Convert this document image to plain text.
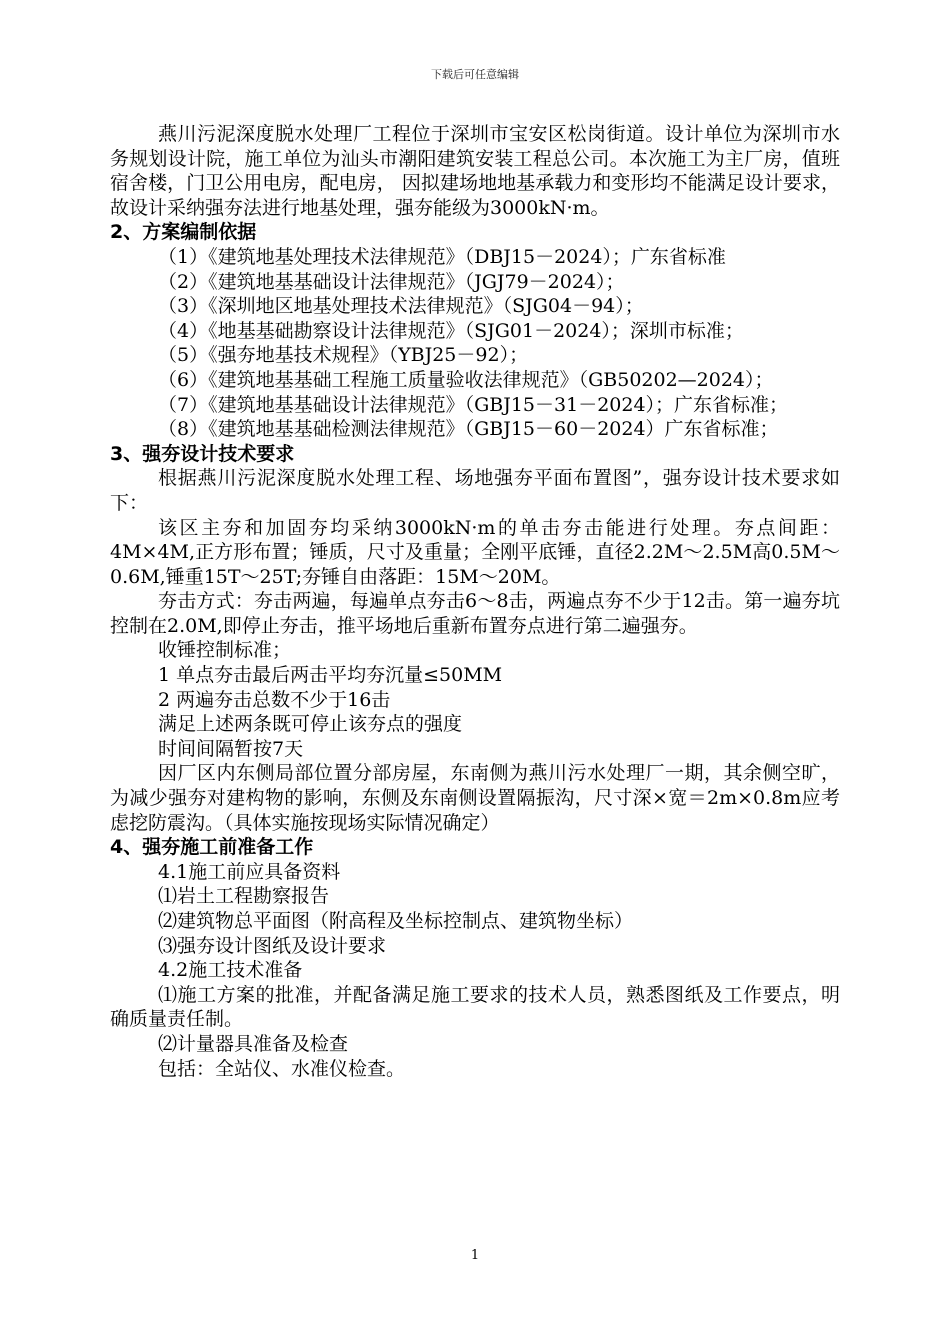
下载后可任意编辑

燕川污泥深度脱水处理厂工程位于深圳市宝安区松岗街道。设计单位为深圳市水务规划设计院，施工单位为汕头市潮阳建筑安装工程总公司。本次施工为主厂房，值班宿舍楼，门卫公用电房，配电房， 因拟建场地地基承载力和变形均不能满足设计要求，故设计采纳强夯法进行地基处理，强夯能级为3000kN·m。

2、方案编制依据

（1）《建筑地基处理技术法律规范》（DBJ15－2024）；广东省标准

（2）《建筑地基基础设计法律规范》（JGJ79－2024）；

（3）《深圳地区地基处理技术法律规范》（SJG04－94）；

（4）《地基基础勘察设计法律规范》（SJG01－2024）；深圳市标准；

（5）《强夯地基技术规程》（YBJ25－92）；

（6）《建筑地基基础工程施工质量验收法律规范》（GB50202—2024）；

（7）《建筑地基基础设计法律规范》（GBJ15－31－2024）；广东省标准；

（8）《建筑地基基础检测法律规范》（GBJ15－60－2024）广东省标准；

3、强夯设计技术要求

根据燕川污泥深度脱水处理工程、场地强夯平面布置图”，强夯设计技术要求如下：

该区主夯和加固夯均采纳3000kN·m的单击夯击能进行处理。夯点间距：4M×4M,正方形布置；锤质，尺寸及重量；全刚平底锤，直径2.2M～2.5M高0.5M～0.6M,锤重15T～25T;夯锤自由落距：15M～20M。

夯击方式：夯击两遍，每遍单点夯击6～8击，两遍点夯不少于12击。第一遍夯坑控制在2.0M,即停止夯击，推平场地后重新布置夯点进行第二遍强夯。

收锤控制标准；

1 单点夯击最后两击平均夯沉量≤50MM

2 两遍夯击总数不少于16击

满足上述两条既可停止该夯点的强度

时间间隔暂按7天

因厂区内东侧局部位置分部房屋，东南侧为燕川污水处理厂一期，其余侧空旷，为减少强夯对建构物的影响，东侧及东南侧设置隔振沟，尺寸深×宽＝2m×0.8m应考虑挖防震沟。（具体实施按现场实际情况确定）

4、强夯施工前准备工作

4.1施工前应具备资料

⑴岩土工程勘察报告

⑵建筑物总平面图（附高程及坐标控制点、建筑物坐标）

⑶强夯设计图纸及设计要求

4.2施工技术准备

⑴施工方案的批准，并配备满足施工要求的技术人员，熟悉图纸及工作要点，明确质量责任制。

⑵计量器具准备及检查

包括：全站仪、水准仪检查。

1
